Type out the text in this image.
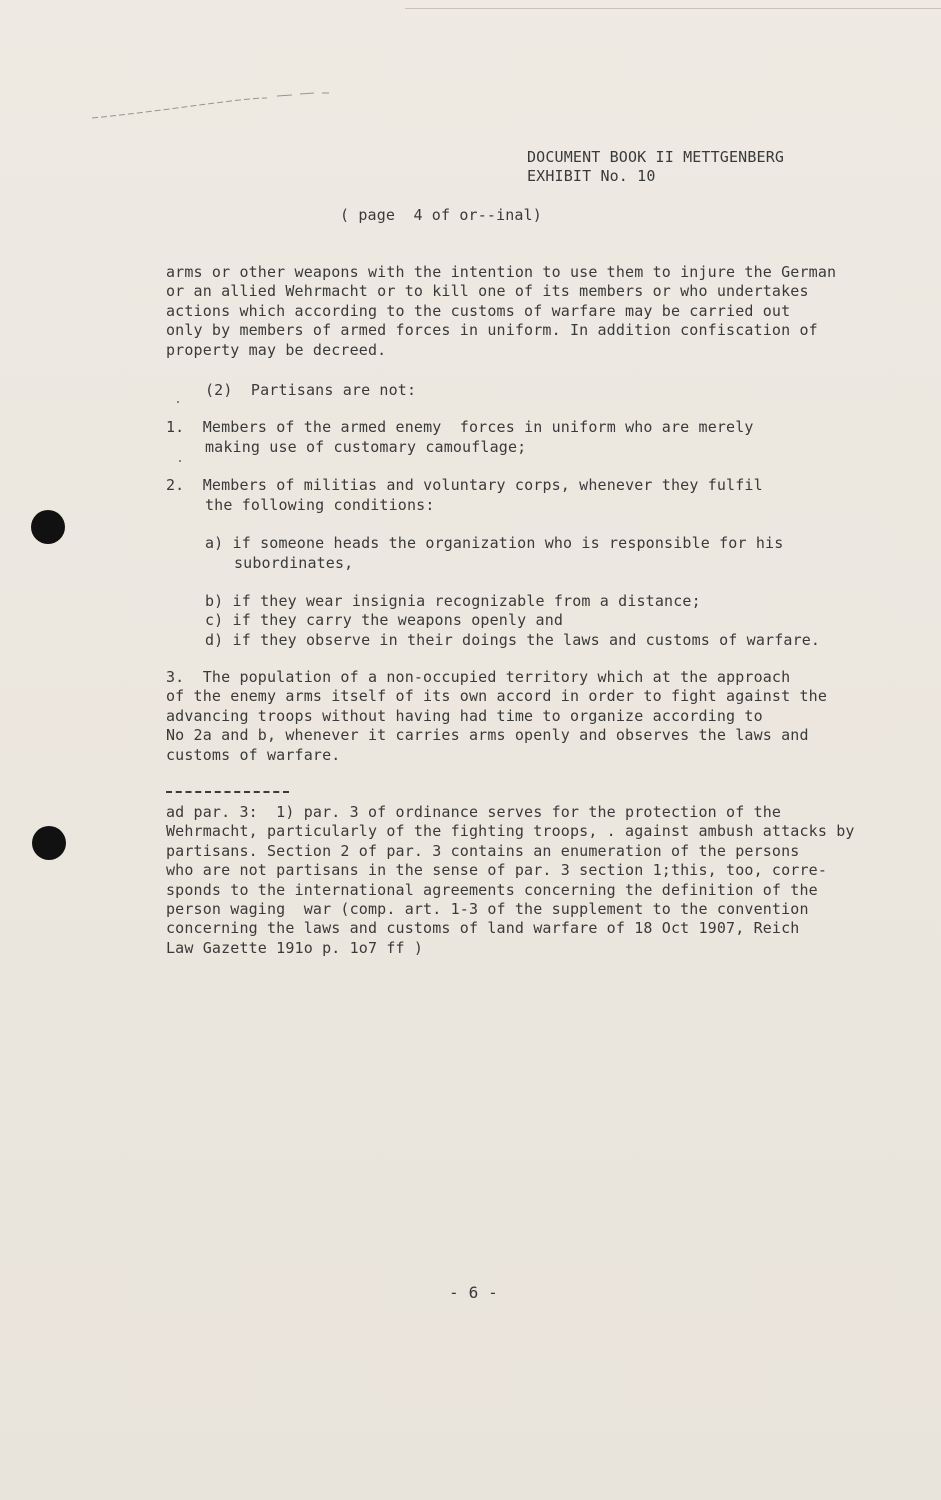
DOCUMENT BOOK II METTGENBERG
EXHIBIT No. 10
( page  4 of or--inal)
arms or other weapons with the intention to use them to injure the German
or an allied Wehrmacht or to kill one of its members or who undertakes
actions which according to the customs of warfare may be carried out
only by members of armed forces in uniform. In addition confiscation of
property may be decreed.
(2)  Partisans are not:
1. Members of the armed enemy  forces in uniform who are merely
making use of customary camouflage;
2. Members of militias and voluntary corps, whenever they fulfil
the following conditions:
a) if someone heads the organization who is responsible for his
subordinates,
b) if they wear insignia recognizable from a distance;
c) if they carry the weapons openly and
d) if they observe in their doings the laws and customs of warfare.
3.  The population of a non-occupied territory which at the approach
of the enemy arms itself of its own accord in order to fight against the
advancing troops without having had time to organize according to
No 2a and b, whenever it carries arms openly and observes the laws and
customs of warfare.
ad par. 3:  1) par. 3 of ordinance serves for the protection of the
Wehrmacht, particularly of the fighting troops, . against ambush attacks by
partisans. Section 2 of par. 3 contains an enumeration of the persons
who are not partisans in the sense of par. 3 section 1;this, too, corre-
sponds to the international agreements concerning the definition of the
person waging  war (comp. art. 1-3 of the supplement to the convention
concerning the laws and customs of land warfare of 18 Oct 1907, Reich
Law Gazette 191o p. 1o7 ff )
- 6 -
